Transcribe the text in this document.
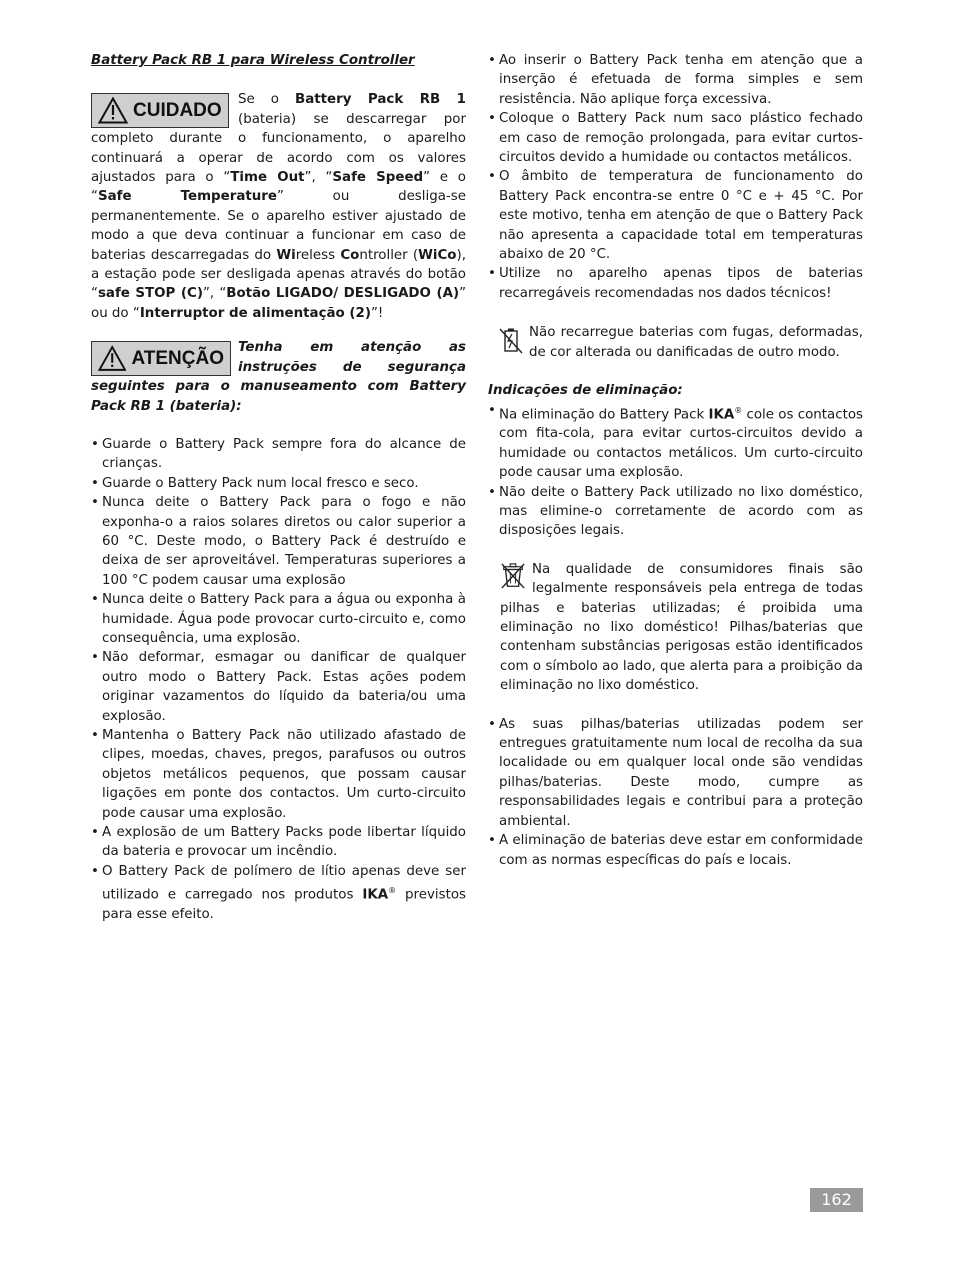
Battery Pack RB 1 para Wireless Controller

CUIDADO

Se o Battery Pack RB 1 (bateria) se descarregar por completo durante o funcionamento, o aparelho continuará a operar de acordo com os valores ajustados para o “Time Out”, “Safe Speed” e o “Safe Temperature” ou desliga-se permanentemente. Se o aparelho estiver ajustado de modo a que deva continuar a funcionar em caso de baterias descarregadas do Wireless Controller (WiCo), a estação pode ser desligada apenas através do botão “safe STOP (C)”, “Botão LIGADO/ DESLIGADO (A)” ou do “Interruptor de alimentação (2)”!

ATENÇÃO

Tenha em atenção as instruções de segurança seguintes para o manuseamento com Battery Pack RB 1 (bateria):

• Guarde o Battery Pack sempre fora do alcance de crianças.
• Guarde o Battery Pack num local fresco e seco.
• Nunca deite o Battery Pack para o fogo e não exponha-o a raios solares diretos ou calor superior a 60 °C. Deste modo, o Battery Pack é destruído e deixa de ser aproveitável. Temperaturas superiores a 100 °C podem causar uma explosão
• Nunca deite o Battery Pack para a água ou exponha à humidade. Água pode provocar curto-circuito e, como consequência, uma explosão.
• Não deformar, esmagar ou danificar de qualquer outro modo o Battery Pack. Estas ações podem originar vazamentos do líquido da bateria/ou uma explosão.
• Mantenha o Battery Pack não utilizado afastado de clipes, moedas, chaves, pregos, parafusos ou outros objetos metálicos pequenos, que possam causar ligações em ponte dos contactos. Um curto-circuito pode causar uma explosão.
• A explosão de um Battery Packs pode libertar líquido da bateria e provocar um incêndio.
• O Battery Pack de polímero de lítio apenas deve ser utilizado e carregado nos produtos IKA® previstos para esse efeito.
• Ao inserir o Battery Pack tenha em atenção que a inserção é efetuada de forma simples e sem resistência. Não aplique força excessiva.
• Coloque o Battery Pack num saco plástico fechado em caso de remoção prolongada, para evitar curtos-circuitos devido a humidade ou contactos metálicos.
• O âmbito de temperatura de funcionamento do Battery Pack encontra-se entre 0 °C e + 45 °C. Por este motivo, tenha em atenção de que o Battery Pack não apresenta a capacidade total em temperaturas abaixo de 20 °C.
• Utilize no aparelho apenas tipos de baterias recarregáveis recomendadas nos dados técnicos!
Não recarregue baterias com fugas, deformadas, de cor alterada ou danificadas de outro modo.

Indicações de eliminação:

• Na eliminação do Battery Pack IKA® cole os contactos com fita-cola, para evitar curtos-circuitos devido a humidade ou contactos metálicos. Um curto-circuito pode causar uma explosão.
• Não deite o Battery Pack utilizado no lixo doméstico, mas elimine-o corretamente de acordo com as disposições legais.
Na qualidade de consumidores finais são legalmente responsáveis pela entrega de todas pilhas e baterias utilizadas; é proibida uma eliminação no lixo doméstico! Pilhas/baterias que contenham substâncias perigosas estão identificados com o símbolo ao lado, que alerta para a proibição da eliminação no lixo doméstico.
• As suas pilhas/baterias utilizadas podem ser entregues gratuitamente num local de recolha da sua localidade ou em qualquer local onde são vendidas pilhas/baterias. Deste modo, cumpre as responsabilidades legais e contribui para a proteção ambiental.
• A eliminação de baterias deve estar em conformidade com as normas específicas do país e locais.
162
